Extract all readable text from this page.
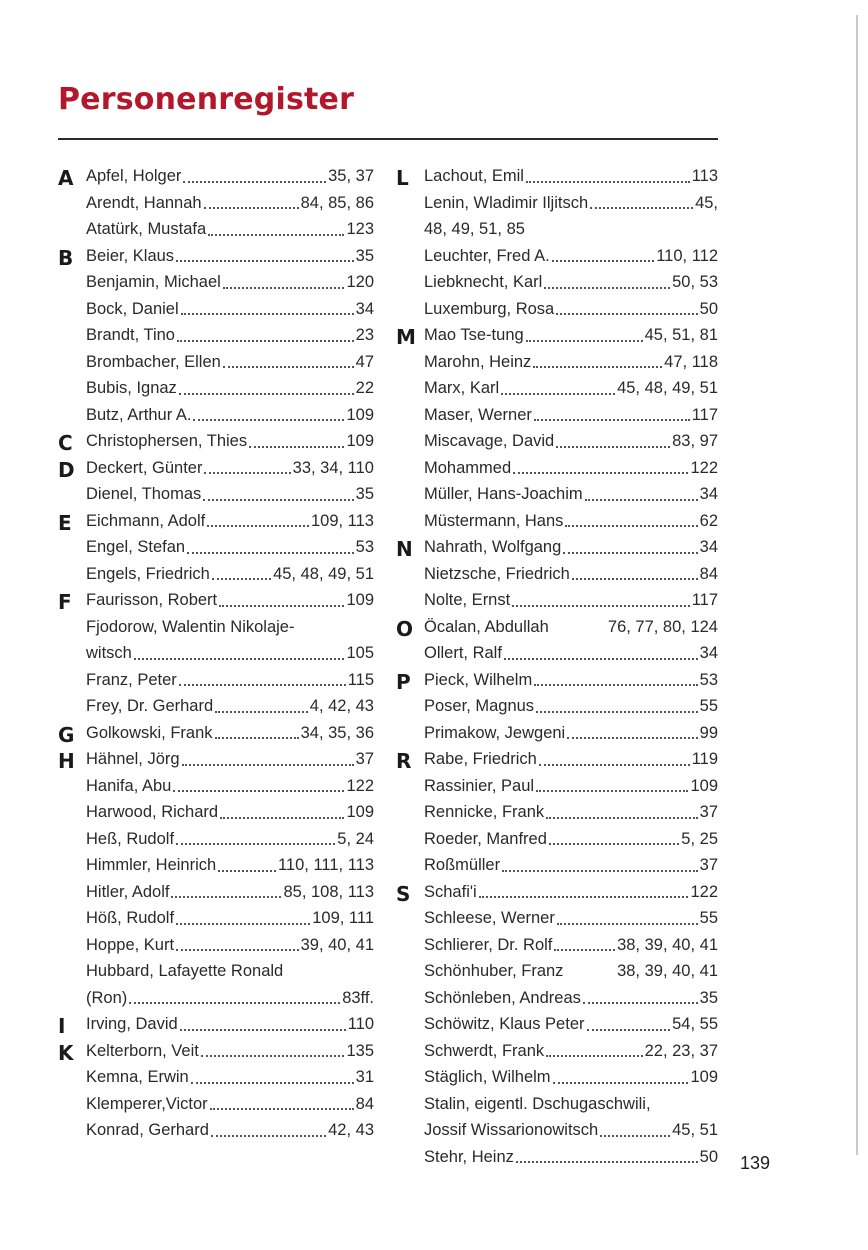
Personenregister
A Apfel, Holger	35, 37
Arendt, Hannah	84, 85, 86
Atatürk, Mustafa	123
B Beier, Klaus	35
Benjamin, Michael	120
Bock, Daniel	34
Brandt, Tino	23
Brombacher, Ellen	47
Bubis, Ignaz	22
Butz, Arthur A.	109
C Christophersen, Thies	109
D Deckert, Günter	33, 34, 110
Dienel, Thomas	35
E Eichmann, Adolf	109, 113
Engel, Stefan	53
Engels, Friedrich	45, 48, 49, 51
F Faurisson, Robert	109
Fjodorow, Walentin Nikolaje-
witsch	105
Franz, Peter	115
Frey, Dr. Gerhard	4, 42, 43
G Golkowski, Frank	34, 35, 36
H Hähnel, Jörg	37
Hanifa, Abu	122
Harwood, Richard	109
Heß, Rudolf	5, 24
Himmler, Heinrich	110, 111, 113
Hitler, Adolf	85, 108, 113
Höß, Rudolf	109, 111
Hoppe, Kurt	39, 40, 41
Hubbard, Lafayette Ronald
(Ron)	83ff.
I Irving, David	110
K Kelterborn, Veit	135
Kemna, Erwin	31
Klemperer,Victor	84
Konrad, Gerhard	42, 43
L Lachout, Emil	113
Lenin, Wladimir Iljitsch	45,
48, 49, 51, 85
Leuchter, Fred A.	110, 112
Liebknecht, Karl	50, 53
Luxemburg, Rosa	50
M Mao Tse-tung	45, 51, 81
Marohn, Heinz	47, 118
Marx, Karl	45, 48, 49, 51
Maser, Werner	117
Miscavage, David	83, 97
Mohammed	122
Müller, Hans-Joachim	34
Müstermann, Hans	62
N Nahrath, Wolfgang	34
Nietzsche, Friedrich	84
Nolte, Ernst	117
O Öcalan, Abdullah	76, 77, 80, 124
Ollert, Ralf	34
P Pieck, Wilhelm	53
Poser, Magnus	55
Primakow, Jewgeni	99
R Rabe, Friedrich	119
Rassinier, Paul	109
Rennicke, Frank	37
Roeder, Manfred	5, 25
Roßmüller	37
S Schafi'i	122
Schleese, Werner	55
Schlierer, Dr. Rolf	38, 39, 40, 41
Schönhuber, Franz	38, 39, 40, 41
Schönleben, Andreas	35
Schöwitz, Klaus Peter	54, 55
Schwerdt, Frank	22, 23, 37
Stäglich, Wilhelm	109
Stalin, eigentl. Dschugaschwili,
Jossif Wissarionowitsch	45, 51
Stehr, Heinz	50 139
